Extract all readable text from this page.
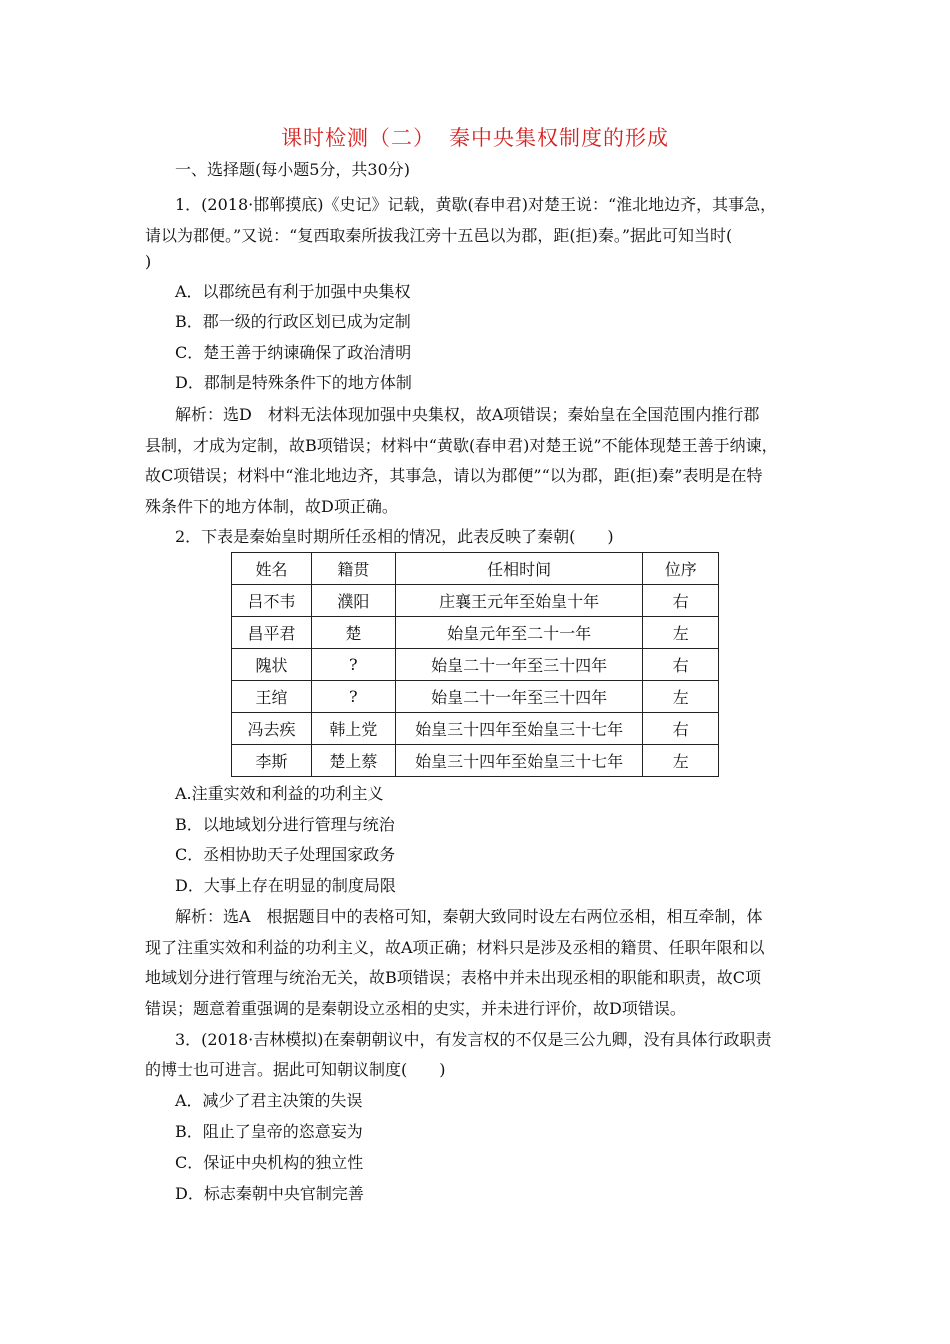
课时检测（二） 秦中央集权制度的形成
一、选择题(每小题5分，共30分)
1．(2018·邯郸摸底)《史记》记载，黄歇(春申君)对楚王说：“淮北地边齐，其事急，
请以为郡便。”又说：“复西取秦所拔我江旁十五邑以为郡，距(拒)秦。”据此可知当时(
)
A．以郡统邑有利于加强中央集权
B．郡一级的行政区划已成为定制
C．楚王善于纳谏确保了政治清明
D．郡制是特殊条件下的地方体制
解析：选D　材料无法体现加强中央集权，故A项错误；秦始皇在全国范围内推行郡
县制，才成为定制，故B项错误；材料中“黄歇(春申君)对楚王说”不能体现楚王善于纳谏，
故C项错误；材料中“淮北地边齐，其事急，请以为郡便”“以为郡，距(拒)秦”表明是在特
殊条件下的地方体制，故D项正确。
2．下表是秦始皇时期所任丞相的情况，此表反映了秦朝(　　)
姓名	籍贯	任相时间	位序
吕不韦	濮阳	庄襄王元年至始皇十年	右
昌平君	楚	始皇元年至二十一年	左
隗状	?	始皇二十一年至三十四年	右
王绾	?	始皇二十一年至三十四年	左
冯去疾	韩上党	始皇三十四年至始皇三十七年	右
李斯	楚上蔡	始皇三十四年至始皇三十七年	左
A.注重实效和利益的功利主义
B．以地域划分进行管理与统治
C．丞相协助天子处理国家政务
D．大事上存在明显的制度局限
解析：选A　根据题目中的表格可知，秦朝大致同时设左右两位丞相，相互牵制，体
现了注重实效和利益的功利主义，故A项正确；材料只是涉及丞相的籍贯、任职年限和以
地域划分进行管理与统治无关，故B项错误；表格中并未出现丞相的职能和职责，故C项
错误；题意着重强调的是秦朝设立丞相的史实，并未进行评价，故D项错误。
3．(2018·吉林模拟)在秦朝朝议中，有发言权的不仅是三公九卿，没有具体行政职责
的博士也可进言。据此可知朝议制度(　　)
A．减少了君主决策的失误
B．阻止了皇帝的恣意妄为
C．保证中央机构的独立性
D．标志秦朝中央官制完善
